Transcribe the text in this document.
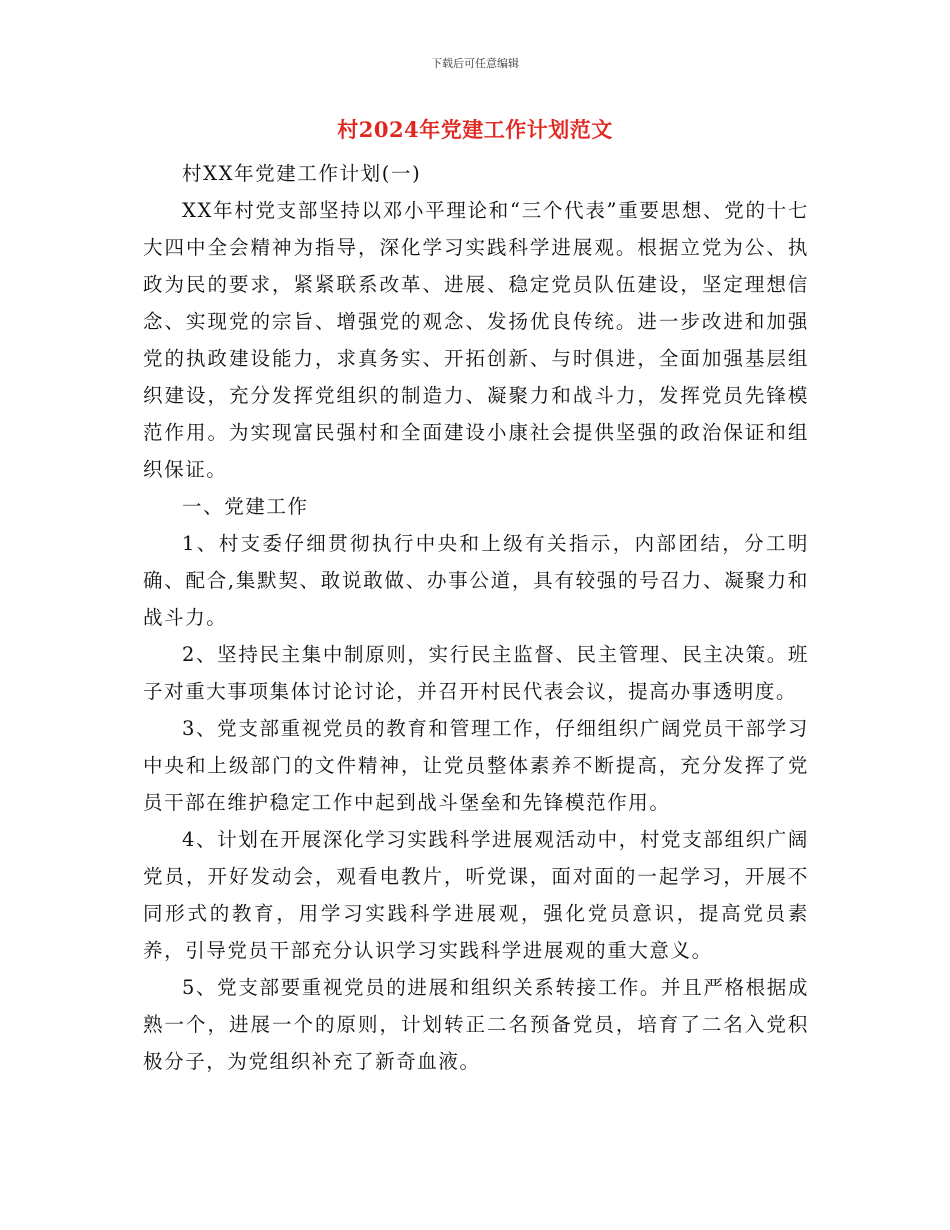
下载后可任意编辑
村2024年党建工作计划范文

村XX年党建工作计划(一)

XX年村党支部坚持以邓小平理论和“三个代表”重要思想、党的十七大四中全会精神为指导，深化学习实践科学进展观。根据立党为公、执政为民的要求，紧紧联系改革、进展、稳定党员队伍建设，坚定理想信念、实现党的宗旨、增强党的观念、发扬优良传统。进一步改进和加强党的执政建设能力，求真务实、开拓创新、与时俱进，全面加强基层组织建设，充分发挥党组织的制造力、凝聚力和战斗力，发挥党员先锋模范作用。为实现富民强村和全面建设小康社会提供坚强的政治保证和组织保证。

一、党建工作

1、村支委仔细贯彻执行中央和上级有关指示，内部团结，分工明确、配合,集默契、敢说敢做、办事公道，具有较强的号召力、凝聚力和战斗力。

2、坚持民主集中制原则，实行民主监督、民主管理、民主决策。班子对重大事项集体讨论讨论，并召开村民代表会议，提高办事透明度。

3、党支部重视党员的教育和管理工作，仔细组织广阔党员干部学习中央和上级部门的文件精神，让党员整体素养不断提高，充分发挥了党员干部在维护稳定工作中起到战斗堡垒和先锋模范作用。

4、计划在开展深化学习实践科学进展观活动中，村党支部组织广阔党员，开好发动会，观看电教片，听党课，面对面的一起学习，开展不同形式的教育，用学习实践科学进展观，强化党员意识，提高党员素养，引导党员干部充分认识学习实践科学进展观的重大意义。

5、党支部要重视党员的进展和组织关系转接工作。并且严格根据成熟一个，进展一个的原则，计划转正二名预备党员，培育了二名入党积极分子，为党组织补充了新奇血液。
